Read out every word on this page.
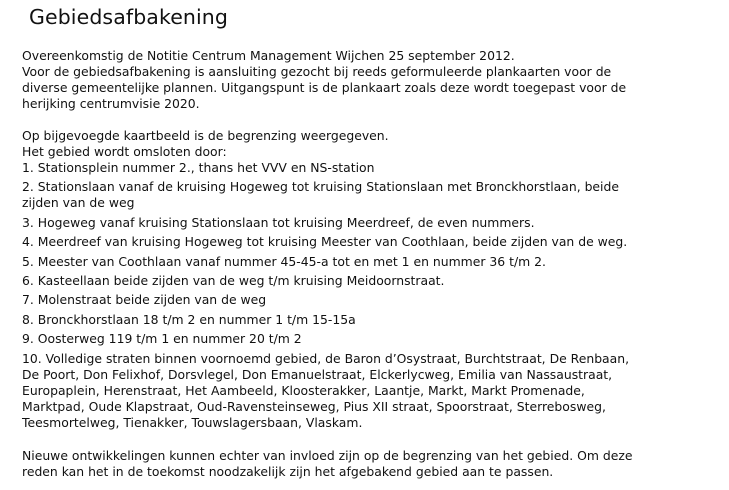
Gebiedsafbakening
Overeenkomstig de Notitie Centrum Management Wijchen 25 september 2012.
Voor de gebiedsafbakening is aansluiting gezocht bij reeds geformuleerde plankaarten voor de
diverse gemeentelijke plannen. Uitgangspunt is de plankaart zoals deze wordt toegepast voor de
herijking centrumvisie 2020.
Op bijgevoegde kaartbeeld is de begrenzing weergegeven.
Het gebied wordt omsloten door:
1. Stationsplein nummer 2., thans het VVV en NS-station
2. Stationslaan vanaf de kruising Hogeweg tot kruising Stationslaan met Bronckhorstlaan, beide
zijden van de weg
3. Hogeweg vanaf kruising Stationslaan tot kruising Meerdreef, de even nummers.
4. Meerdreef van kruising Hogeweg tot kruising Meester van Coothlaan, beide zijden van de weg.
5. Meester van Coothlaan vanaf nummer 45-45-a tot en met 1 en nummer 36 t/m 2.
6. Kasteellaan beide zijden van de weg t/m kruising Meidoornstraat.
7. Molenstraat beide zijden van de weg
8. Bronckhorstlaan 18 t/m 2 en nummer 1 t/m 15-15a
9. Oosterweg 119 t/m 1 en nummer 20 t/m 2
10. Volledige straten binnen voornoemd gebied, de Baron d’Osystraat, Burchtstraat, De Renbaan,
De Poort, Don Felixhof, Dorsvlegel, Don Emanuelstraat, Elckerlycweg, Emilia van Nassaustraat,
Europaplein, Herenstraat, Het Aambeeld, Kloosterakker, Laantje, Markt, Markt Promenade,
Marktpad, Oude Klapstraat, Oud-Ravensteinseweg, Pius XII straat, Spoorstraat, Sterrebosweg,
Teesmortelweg, Tienakker, Touwslagersbaan, Vlaskam.
Nieuwe ontwikkelingen kunnen echter van invloed zijn op de begrenzing van het gebied. Om deze
reden kan het in de toekomst noodzakelijk zijn het afgebakend gebied aan te passen.
